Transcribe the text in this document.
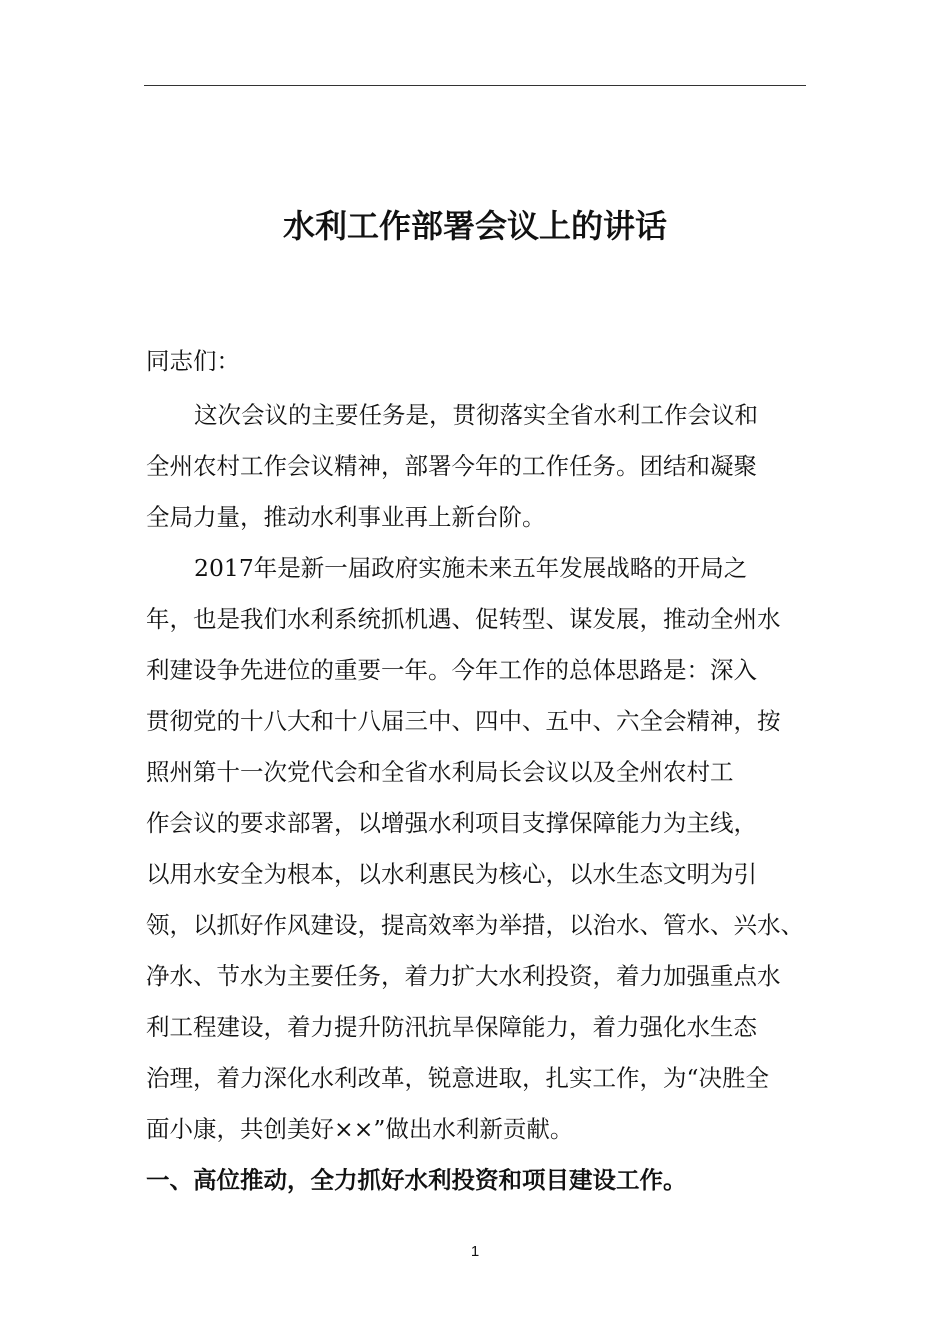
水利工作部署会议上的讲话

同志们：

这次会议的主要任务是，贯彻落实全省水利工作会议和
全州农村工作会议精神，部署今年的工作任务。团结和凝聚
全局力量，推动水利事业再上新台阶。
2017年是新一届政府实施未来五年发展战略的开局之
年，也是我们水利系统抓机遇、促转型、谋发展，推动全州水
利建设争先进位的重要一年。今年工作的总体思路是：深入
贯彻党的十八大和十八届三中、四中、五中、六全会精神，按
照州第十一次党代会和全省水利局长会议以及全州农村工
作会议的要求部署，以增强水利项目支撑保障能力为主线，
以用水安全为根本，以水利惠民为核心，以水生态文明为引
领，以抓好作风建设，提高效率为举措，以治水、管水、兴水、
净水、节水为主要任务，着力扩大水利投资，着力加强重点水
利工程建设，着力提升防汛抗旱保障能力，着力强化水生态
治理，着力深化水利改革，锐意进取，扎实工作，为“决胜全
面小康，共创美好××”做出水利新贡献。

一、高位推动，全力抓好水利投资和项目建设工作。

1
